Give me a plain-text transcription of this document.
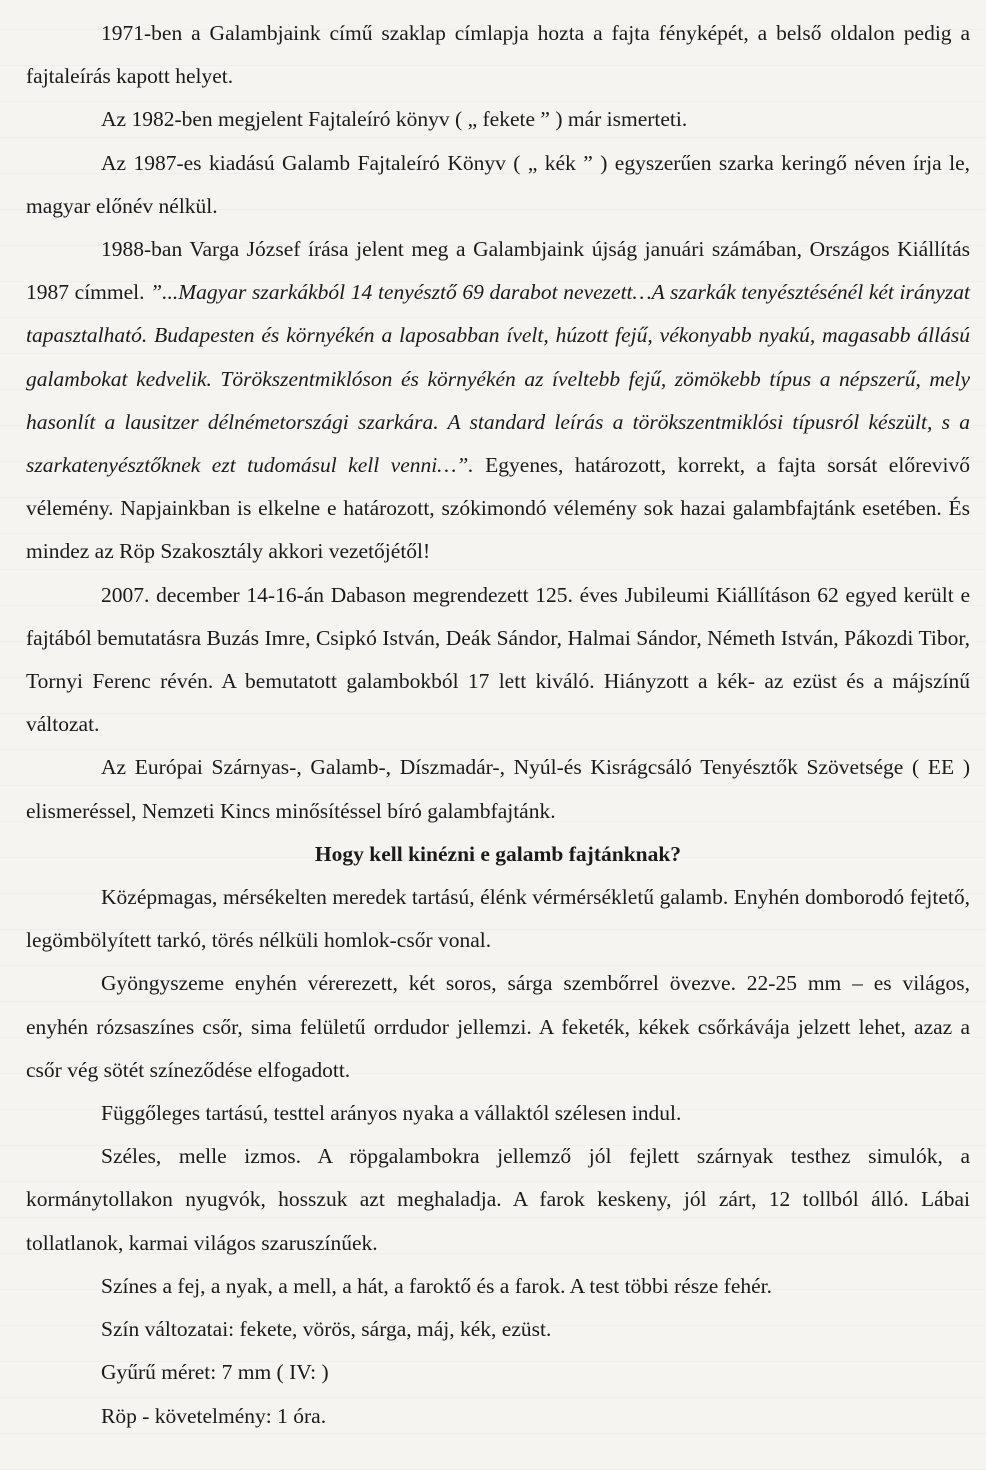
1971-ben a Galambjaink című szaklap címlapja hozta a fajta fényképét, a belső oldalon pedig a fajtaleírás kapott helyet.

Az 1982-ben megjelent Fajtaleíró könyv ( „ fekete ” ) már ismerteti.

Az 1987-es kiadású Galamb Fajtaleíró Könyv ( „ kék ” ) egyszerűen szarka keringő néven írja le, magyar előnév nélkül.

1988-ban Varga József írása jelent meg a Galambjaink újság januári számában, Országos Kiállítás 1987 címmel. ”...Magyar szarkákból 14 tenyésztő 69 darabot nevezett…A szarkák tenyésztésénél két irányzat tapasztalható. Budapesten és környékén a laposabban ívelt, húzott fejű, vékonyabb nyakú, magasabb állású galambokat kedvelik. Törökszentmiklóson és környékén az íveltebb fejű, zömökebb típus a népszerű, mely hasonlít a lausitzer délnémetországi szarkára. A standard leírás a törökszentmiklósi típusról készült, s a szarkatenyésztőknek ezt tudomásul kell venni…”. Egyenes, határozott, korrekt, a fajta sorsát előrevivő vélemény. Napjainkban is elkelne e határozott, szókimondó vélemény sok hazai galambfajtánk esetében. És mindez az Röp Szakosztály akkori vezetőjétől!

2007. december 14-16-án Dabason megrendezett 125. éves Jubileumi Kiállításon 62 egyed került e fajtából bemutatásra Buzás Imre, Csipkó István, Deák Sándor, Halmai Sándor, Németh István, Pákozdi Tibor, Tornyi Ferenc révén. A bemutatott galambokból 17 lett kiváló. Hiányzott a kék- az ezüst és a májszínű változat.

Az Európai Szárnyas-, Galamb-, Díszmadár-, Nyúl-és Kisrágcsáló Tenyésztők Szövetsége ( EE ) elismeréssel, Nemzeti Kincs minősítéssel bíró galambfajtánk.

Hogy kell kinézni e galamb fajtánknak?

Középmagas, mérsékelten meredek tartású, élénk vérmérsékletű galamb. Enyhén domborodó fejtető, legömbölyített tarkó, törés nélküli homlok-csőr vonal.

Gyöngyszeme enyhén vérerezett, két soros, sárga szembőrrel övezve. 22-25 mm – es világos, enyhén rózsaszínes csőr, sima felületű orrdudor jellemzi. A feketék, kékek csőrkávája jelzett lehet, azaz a csőr vég sötét színeződése elfogadott.

Függőleges tartású, testtel arányos nyaka a vállaktól szélesen indul.

Széles, melle izmos. A röpgalambokra jellemző jól fejlett szárnyak testhez simulók, a kormánytollakon nyugvók, hosszuk azt meghaladja. A farok keskeny, jól zárt, 12 tollból álló. Lábai tollatlanok, karmai világos szaruszínűek.

Színes a fej, a nyak, a mell, a hát, a faroktő és a farok. A test többi része fehér.

Szín változatai: fekete, vörös, sárga, máj, kék, ezüst.

Gyűrű méret: 7 mm ( IV: )

Röp - követelmény: 1 óra.
